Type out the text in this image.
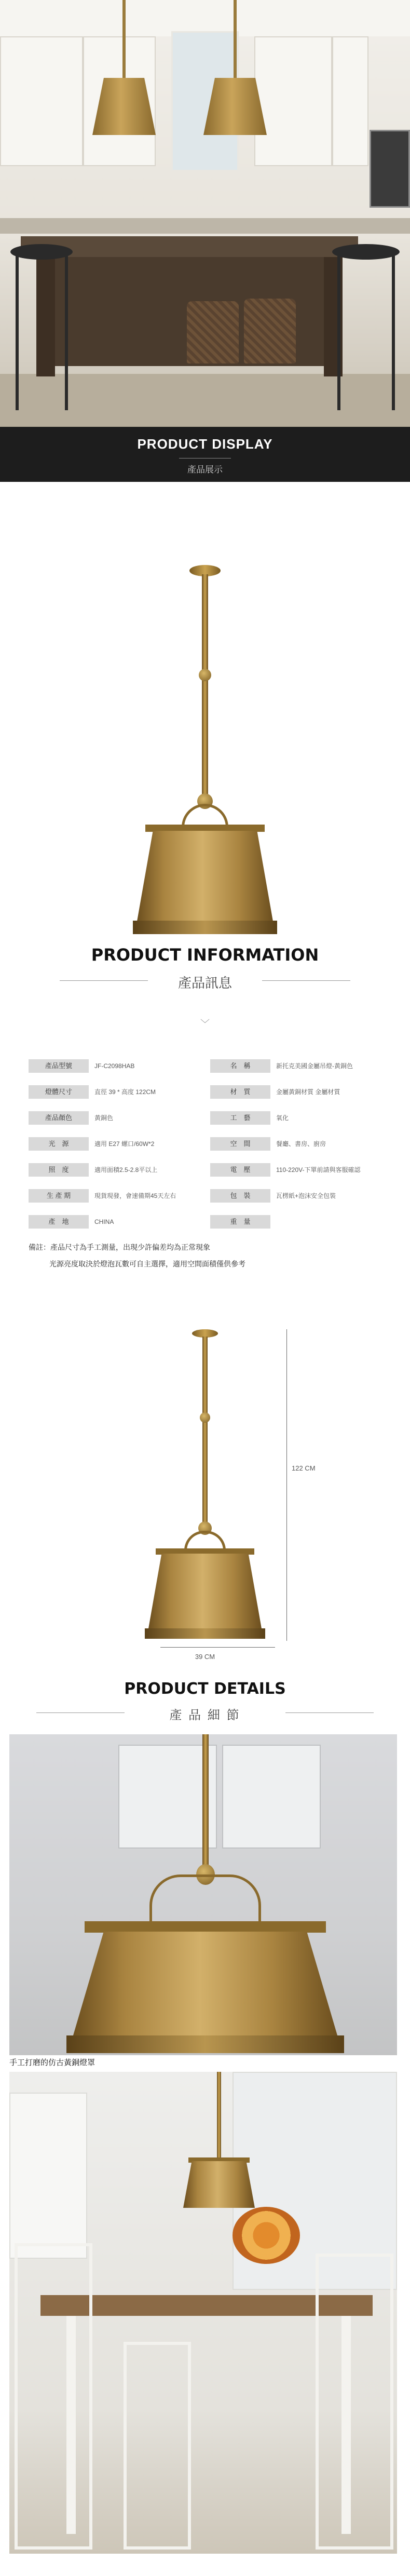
PRODUCT DISPLAY
產品展示
PRODUCT INFORMATION
產品訊息
﹀
產品型號	JF-C2098HAB	名　稱	新托克美國金屬吊燈-黃銅色
燈體尺寸	直徑 39 * 高度 122CM	材　質	金屬黃銅材質 金屬材質
產品顏色	黃銅色	工　藝	氧化
光　源	適用 E27 螺口/60W*2	空　間	餐廳、書房、廚房
照　度	適用面積2.5-2.8平以上	電　壓	110-220V-下單前請與客服確認
生 產 期	現貨現發，會速備期45天左右	包　裝	瓦楞紙+泡沫安全包裝
產　地	CHINA	重　量
備註：產品尺寸為手工測量，出現少許偏差均為正常現象
光源亮度取決於燈泡瓦數可自主選擇，適用空間面積僅供參考
122 CM
39 CM
PRODUCT DETAILS
產 品 細 節
手工打磨的仿古黃銅燈罩
